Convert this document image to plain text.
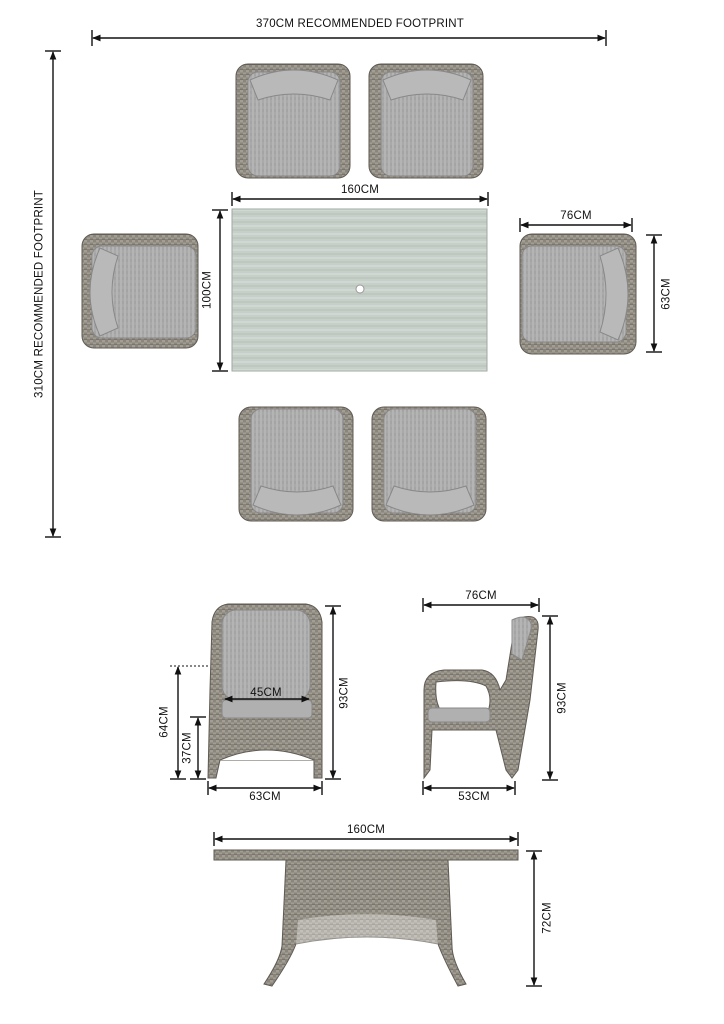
370CM RECOMMENDED FOOTPRINT
310CM RECOMMENDED FOOTPRINT
160CM
100CM
76CM
63CM
45CM	93CM
64CM
37CM
63CM
76CM
93CM
53CM
160CM
72CM
